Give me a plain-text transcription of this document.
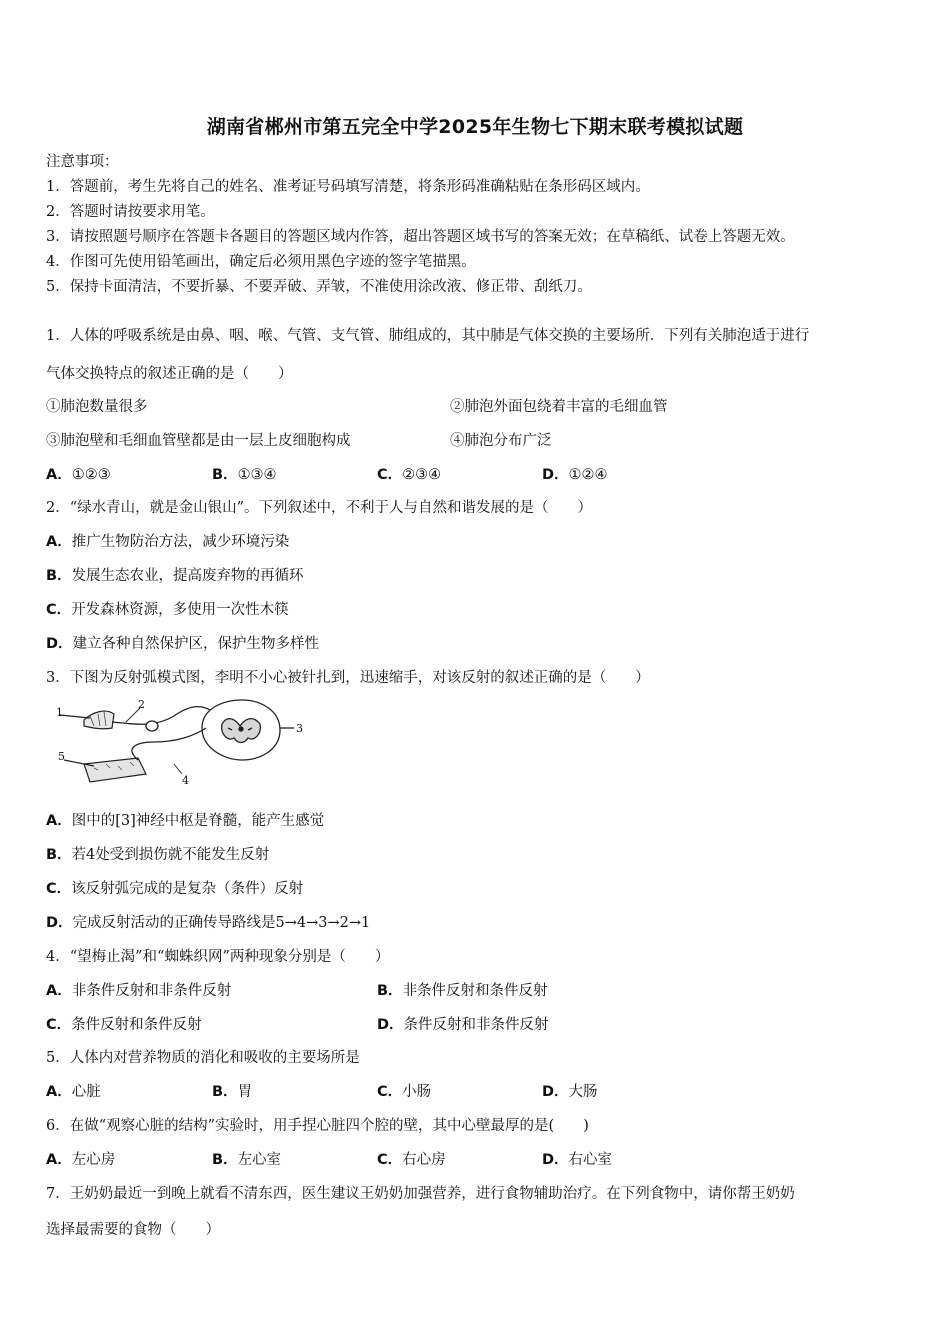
湖南省郴州市第五完全中学2025年生物七下期末联考模拟试题
注意事项：
1．答题前，考生先将自己的姓名、准考证号码填写清楚，将条形码准确粘贴在条形码区域内。
2．答题时请按要求用笔。
3．请按照题号顺序在答题卡各题目的答题区域内作答，超出答题区域书写的答案无效；在草稿纸、试卷上答题无效。
4．作图可先使用铅笔画出，确定后必须用黑色字迹的签字笔描黑。
5．保持卡面清洁，不要折暴、不要弄破、弄皱，不准使用涂改液、修正带、刮纸刀。
1．人体的呼吸系统是由鼻、咽、喉、气管、支气管、肺组成的，其中肺是气体交换的主要场所．下列有关肺泡适于进行
气体交换特点的叙述正确的是（　　）
①肺泡数量很多	②肺泡外面包绕着丰富的毛细血管
③肺泡壁和毛细血管壁都是由一层上皮细胞构成	④肺泡分布广泛
A．①②③	B．①③④	C．②③④	D．①②④
2．“绿水青山，就是金山银山”。下列叙述中，不利于人与自然和谐发展的是（　　）
A．推广生物防治方法，减少环境污染
B．发展生态农业，提高废弃物的再循环
C．开发森林资源，多使用一次性木筷
D．建立各种自然保护区，保护生物多样性
3．下图为反射弧模式图，李明不小心被针扎到，迅速缩手，对该反射的叙述正确的是（　　）
1
2
3
4
5
A．图中的[3]神经中枢是脊髓，能产生感觉
B．若4处受到损伤就不能发生反射
C．该反射弧完成的是复杂（条件）反射
D．完成反射活动的正确传导路线是5→4→3→2→1
4．“望梅止渴”和“蜘蛛织网”两种现象分别是（　　）
A．非条件反射和非条件反射	B．非条件反射和条件反射
C．条件反射和条件反射	D．条件反射和非条件反射
5．人体内对营养物质的消化和吸收的主要场所是
A．心脏	B．胃	C．小肠	D．大肠
6．在做“观察心脏的结构”实验时，用手捏心脏四个腔的壁，其中心壁最厚的是(　　)
A．左心房	B．左心室	C．右心房	D．右心室
7．王奶奶最近一到晚上就看不清东西，医生建议王奶奶加强营养，进行食物辅助治疗。在下列食物中，请你帮王奶奶
选择最需要的食物（　　）
